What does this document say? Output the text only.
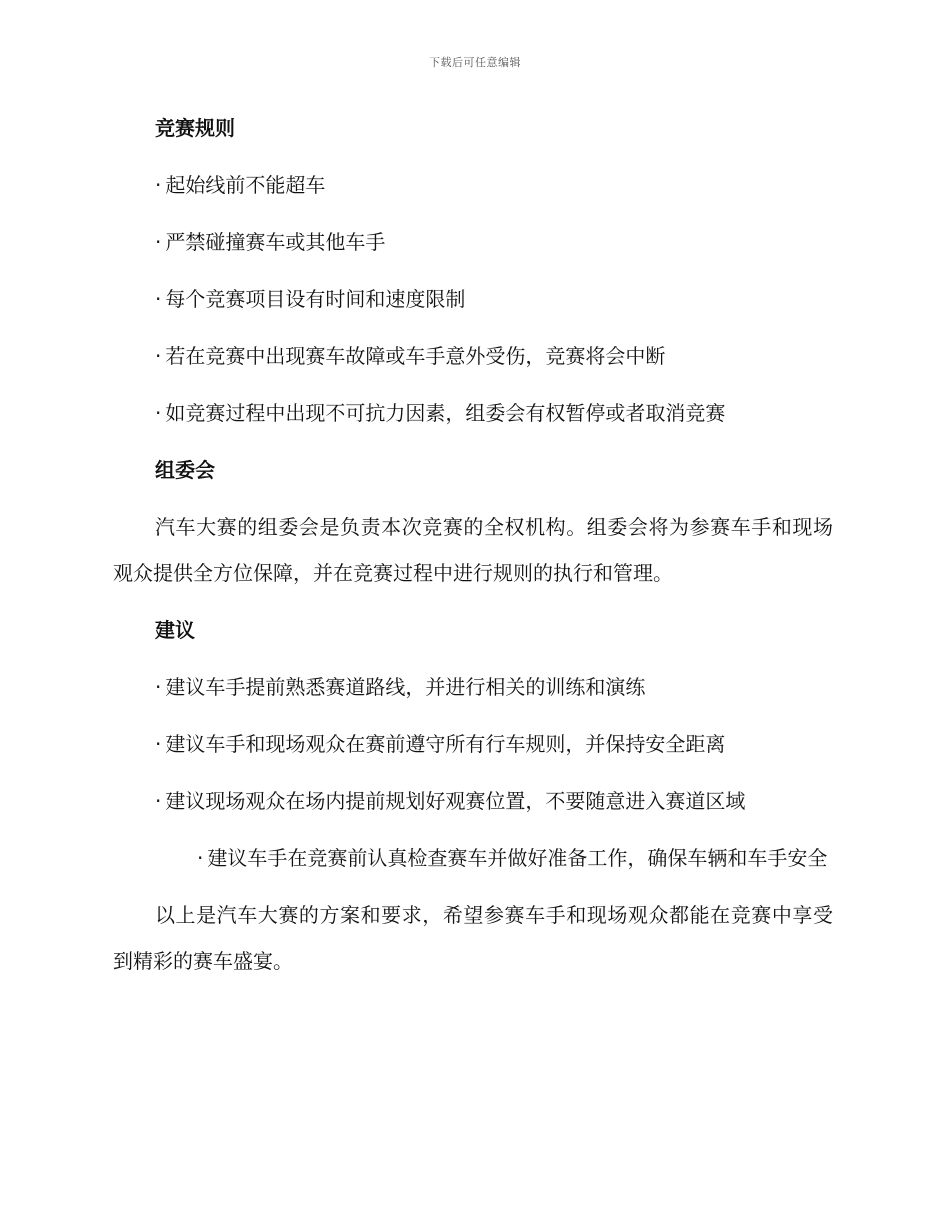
下载后可任意编辑
竞赛规则

· 起始线前不能超车

· 严禁碰撞赛车或其他车手

· 每个竞赛项目设有时间和速度限制

· 若在竞赛中出现赛车故障或车手意外受伤，竞赛将会中断

· 如竞赛过程中出现不可抗力因素，组委会有权暂停或者取消竞赛

组委会

汽车大赛的组委会是负责本次竞赛的全权机构。组委会将为参赛车手和现场观众提供全方位保障，并在竞赛过程中进行规则的执行和管理。

建议

· 建议车手提前熟悉赛道路线，并进行相关的训练和演练

· 建议车手和现场观众在赛前遵守所有行车规则，并保持安全距离

· 建议现场观众在场内提前规划好观赛位置，不要随意进入赛道区域

· 建议车手在竞赛前认真检查赛车并做好准备工作，确保车辆和车手安全

以上是汽车大赛的方案和要求，希望参赛车手和现场观众都能在竞赛中享受到精彩的赛车盛宴。
